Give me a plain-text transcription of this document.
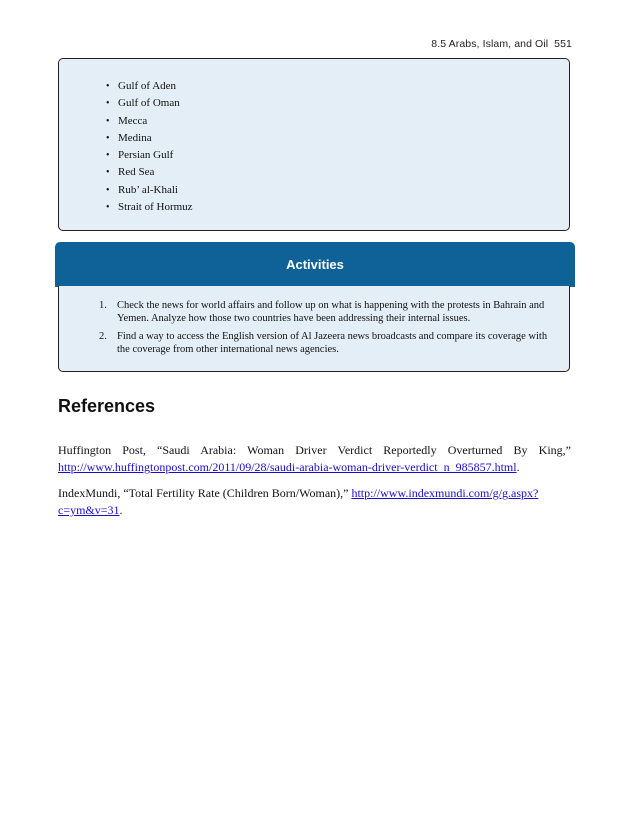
8.5 Arabs, Islam, and Oil 551
• Gulf of Aden
• Gulf of Oman
• Mecca
• Medina
• Persian Gulf
• Red Sea
• Rub’ al-Khali
• Strait of Hormuz
Activities
1. Check the news for world affairs and follow up on what is happening with the protests in Bahrain and Yemen. Analyze how those two countries have been addressing their internal issues.
2. Find a way to access the English version of Al Jazeera news broadcasts and compare its coverage with the coverage from other international news agencies.
References

Huffington Post, “Saudi Arabia: Woman Driver Verdict Reportedly Overturned By King,” http://www.huffingtonpost.com/2011/09/28/saudi-arabia-woman-driver-verdict_n_985857.html.

IndexMundi, “Total Fertility Rate (Children Born/Woman),” http://www.indexmundi.com/g/g.aspx?c=ym&v=31.
